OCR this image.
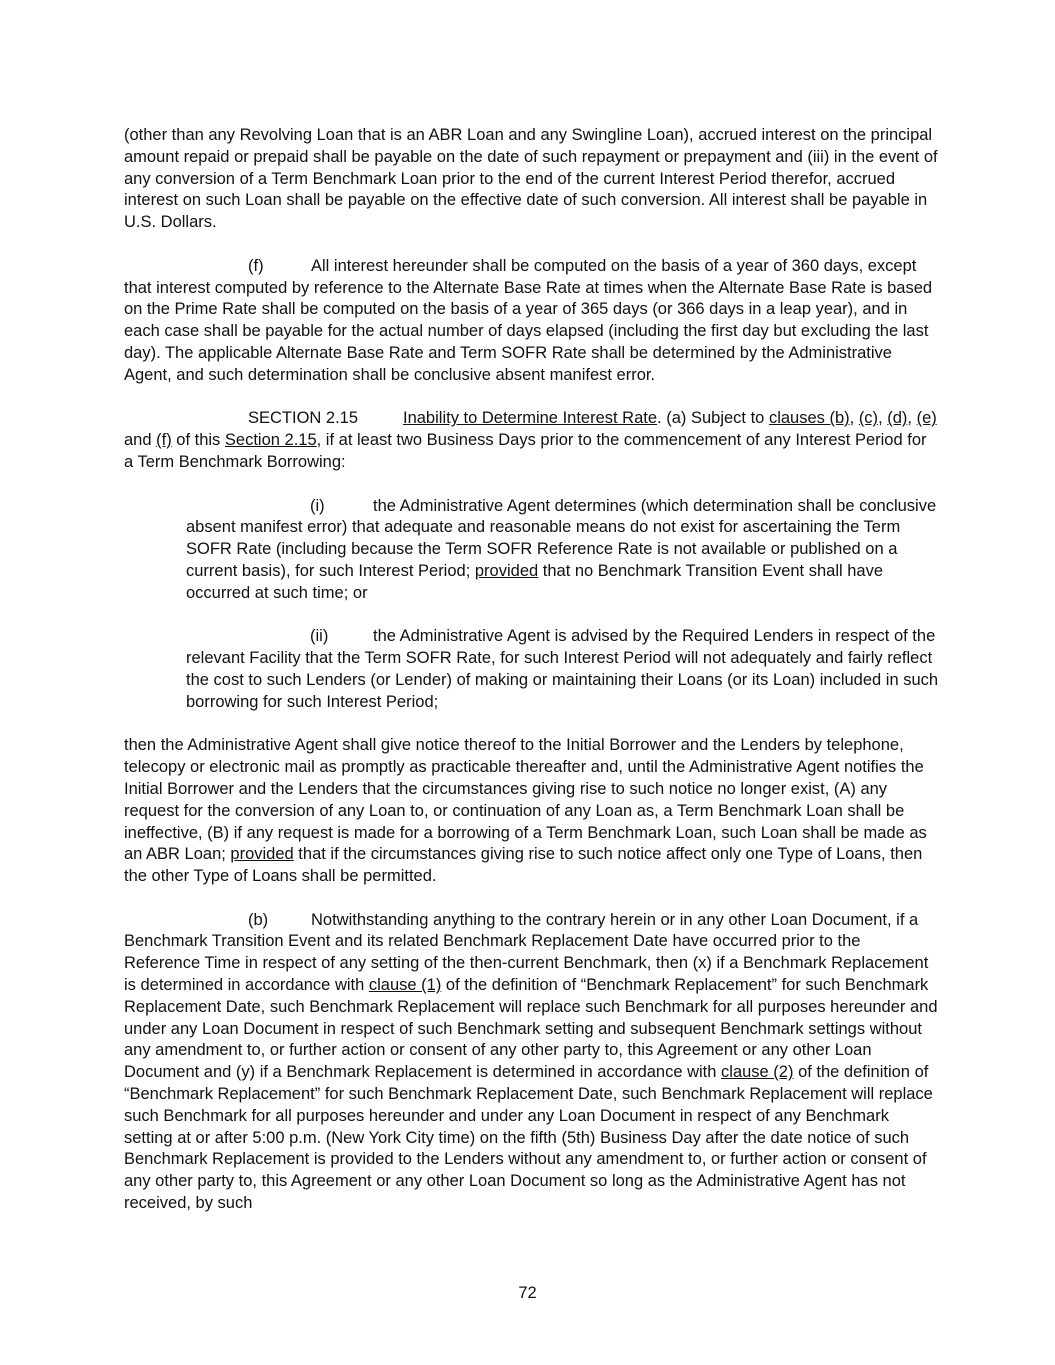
(other than any Revolving Loan that is an ABR Loan and any Swingline Loan), accrued interest on the principal amount repaid or prepaid shall be payable on the date of such repayment or prepayment and (iii) in the event of any conversion of a Term Benchmark Loan prior to the end of the current Interest Period therefor, accrued interest on such Loan shall be payable on the effective date of such conversion. All interest shall be payable in U.S. Dollars.

(f)	All interest hereunder shall be computed on the basis of a year of 360 days, except that interest computed by reference to the Alternate Base Rate at times when the Alternate Base Rate is based on the Prime Rate shall be computed on the basis of a year of 365 days (or 366 days in a leap year), and in each case shall be payable for the actual number of days elapsed (including the first day but excluding the last day). The applicable Alternate Base Rate and Term SOFR Rate shall be determined by the Administrative Agent, and such determination shall be conclusive absent manifest error.

SECTION 2.15	Inability to Determine Interest Rate. (a) Subject to clauses (b), (c), (d), (e) and (f) of this Section 2.15, if at least two Business Days prior to the commencement of any Interest Period for a Term Benchmark Borrowing:

(i)	the Administrative Agent determines (which determination shall be conclusive absent manifest error) that adequate and reasonable means do not exist for ascertaining the Term SOFR Rate (including because the Term SOFR Reference Rate is not available or published on a current basis), for such Interest Period; provided that no Benchmark Transition Event shall have occurred at such time; or

(ii)	the Administrative Agent is advised by the Required Lenders in respect of the relevant Facility that the Term SOFR Rate, for such Interest Period will not adequately and fairly reflect the cost to such Lenders (or Lender) of making or maintaining their Loans (or its Loan) included in such borrowing for such Interest Period;

then the Administrative Agent shall give notice thereof to the Initial Borrower and the Lenders by telephone, telecopy or electronic mail as promptly as practicable thereafter and, until the Administrative Agent notifies the Initial Borrower and the Lenders that the circumstances giving rise to such notice no longer exist, (A) any request for the conversion of any Loan to, or continuation of any Loan as, a Term Benchmark Loan shall be ineffective, (B) if any request is made for a borrowing of a Term Benchmark Loan, such Loan shall be made as an ABR Loan; provided that if the circumstances giving rise to such notice affect only one Type of Loans, then the other Type of Loans shall be permitted.

(b)	Notwithstanding anything to the contrary herein or in any other Loan Document, if a Benchmark Transition Event and its related Benchmark Replacement Date have occurred prior to the Reference Time in respect of any setting of the then-current Benchmark, then (x) if a Benchmark Replacement is determined in accordance with clause (1) of the definition of “Benchmark Replacement” for such Benchmark Replacement Date, such Benchmark Replacement will replace such Benchmark for all purposes hereunder and under any Loan Document in respect of such Benchmark setting and subsequent Benchmark settings without any amendment to, or further action or consent of any other party to, this Agreement or any other Loan Document and (y) if a Benchmark Replacement is determined in accordance with clause (2) of the definition of “Benchmark Replacement” for such Benchmark Replacement Date, such Benchmark Replacement will replace such Benchmark for all purposes hereunder and under any Loan Document in respect of any Benchmark setting at or after 5:00 p.m. (New York City time) on the fifth (5th) Business Day after the date notice of such Benchmark Replacement is provided to the Lenders without any amendment to, or further action or consent of any other party to, this Agreement or any other Loan Document so long as the Administrative Agent has not received, by such

72
